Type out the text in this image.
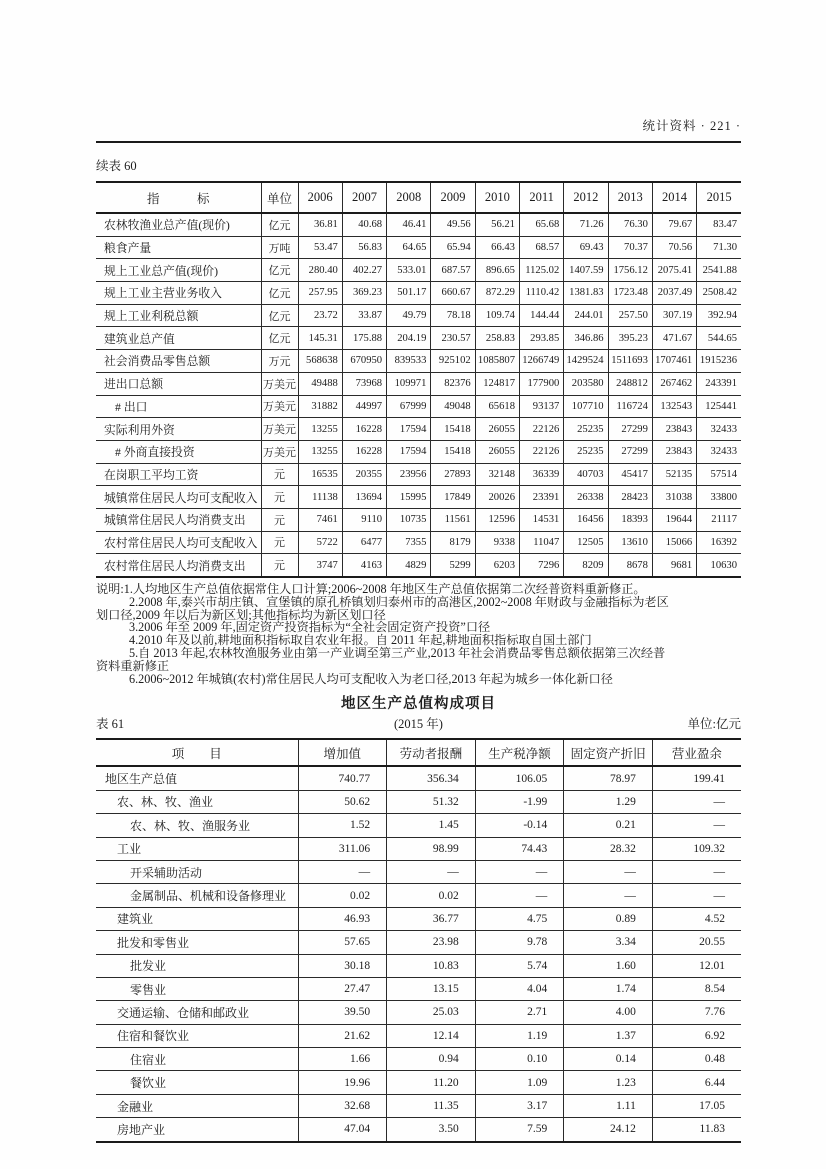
统计资料 · 221 ·
续表 60
指　　　标	单位	2006	2007	2008	2009	2010	2011	2012	2013	2014	2015
农林牧渔业总产值(现价)	亿元	36.81	40.68	46.41	49.56	56.21	65.68	71.26	76.30	79.67	83.47
粮食产量	万吨	53.47	56.83	64.65	65.94	66.43	68.57	69.43	70.37	70.56	71.30
规上工业总产值(现价)	亿元	280.40	402.27	533.01	687.57	896.65	1125.02	1407.59	1756.12	2075.41	2541.88
规上工业主营业务收入	亿元	257.95	369.23	501.17	660.67	872.29	1110.42	1381.83	1723.48	2037.49	2508.42
规上工业利税总额	亿元	23.72	33.87	49.79	78.18	109.74	144.44	244.01	257.50	307.19	392.94
建筑业总产值	亿元	145.31	175.88	204.19	230.57	258.83	293.85	346.86	395.23	471.67	544.65
社会消费品零售总额	万元	568638	670950	839533	925102	1085807	1266749	1429524	1511693	1707461	1915236
进出口总额	万美元	49488	73968	109971	82376	124817	177900	203580	248812	267462	243391
# 出口	万美元	31882	44997	67999	49048	65618	93137	107710	116724	132543	125441
实际利用外资	万美元	13255	16228	17594	15418	26055	22126	25235	27299	23843	32433
# 外商直接投资	万美元	13255	16228	17594	15418	26055	22126	25235	27299	23843	32433
在岗职工平均工资	元	16535	20355	23956	27893	32148	36339	40703	45417	52135	57514
城镇常住居民人均可支配收入	元	11138	13694	15995	17849	20026	23391	26338	28423	31038	33800
城镇常住居民人均消费支出	元	7461	9110	10735	11561	12596	14531	16456	18393	19644	21117
农村常住居民人均可支配收入	元	5722	6477	7355	8179	9338	11047	12505	13610	15066	16392
农村常住居民人均消费支出	元	3747	4163	4829	5299	6203	7296	8209	8678	9681	10630

说明:1.人均地区生产总值依据常住人口计算;2006~2008 年地区生产总值依据第二次经普资料重新修正。

2.2008 年,泰兴市胡庄镇、宣堡镇的原孔桥镇划归泰州市的高港区,2002~2008 年财政与金融指标为老区

划口径,2009 年以后为新区划;其他指标均为新区划口径

3.2006 年至 2009 年,固定资产投资指标为“全社会固定资产投资”口径

4.2010 年及以前,耕地面积指标取自农业年报。自 2011 年起,耕地面积指标取自国土部门

5.自 2013 年起,农林牧渔服务业由第一产业调至第三产业,2013 年社会消费品零售总额依据第三次经普

资料重新修正

6.2006~2012 年城镇(农村)常住居民人均可支配收入为老口径,2013 年起为城乡一体化新口径

地区生产总值构成项目
表 61	(2015 年)	单位:亿元
项　　目	增加值	劳动者报酬	生产税净额	固定资产折旧	营业盈余
地区生产总值	740.77	356.34	106.05	78.97	199.41
农、林、牧、渔业	50.62	51.32	-1.99	1.29	—
农、林、牧、渔服务业	1.52	1.45	-0.14	0.21	—
工业	311.06	98.99	74.43	28.32	109.32
开采辅助活动	—	—	—	—	—
金属制品、机械和设备修理业	0.02	0.02	—	—	—
建筑业	46.93	36.77	4.75	0.89	4.52
批发和零售业	57.65	23.98	9.78	3.34	20.55
批发业	30.18	10.83	5.74	1.60	12.01
零售业	27.47	13.15	4.04	1.74	8.54
交通运输、仓储和邮政业	39.50	25.03	2.71	4.00	7.76
住宿和餐饮业	21.62	12.14	1.19	1.37	6.92
住宿业	1.66	0.94	0.10	0.14	0.48
餐饮业	19.96	11.20	1.09	1.23	6.44
金融业	32.68	11.35	3.17	1.11	17.05
房地产业	47.04	3.50	7.59	24.12	11.83
